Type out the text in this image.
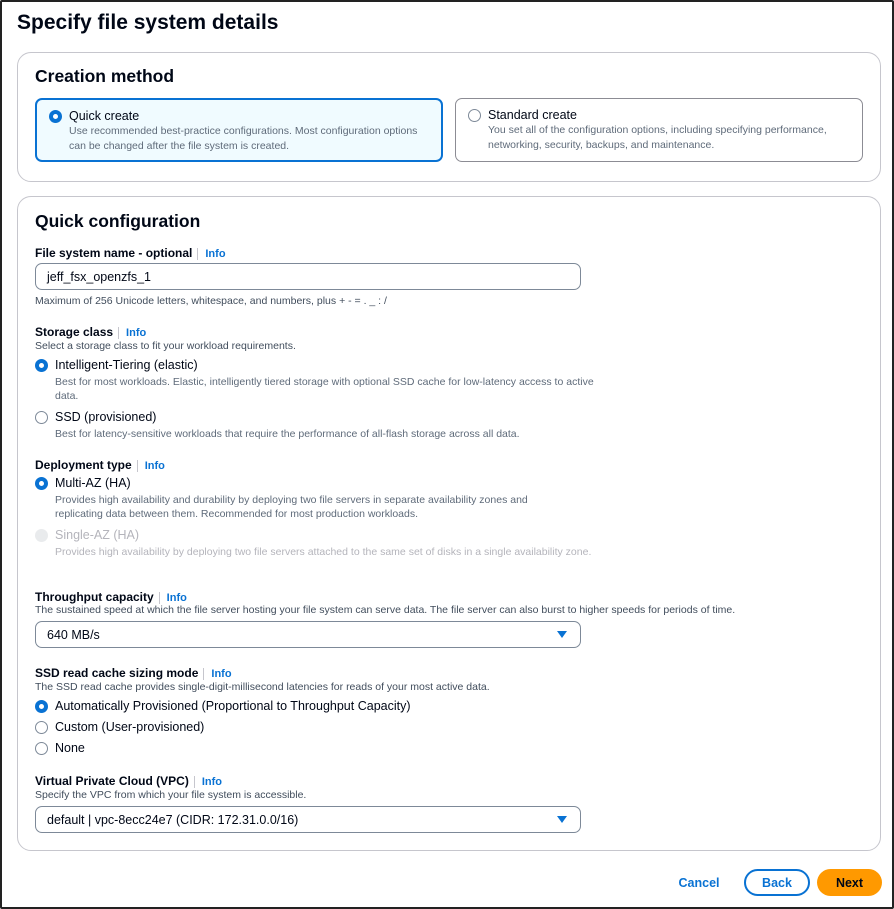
Specify file system details
Creation method
Quick create
Use recommended best-practice configurations. Most configuration options
can be changed after the file system is created.
Standard create
You set all of the configuration options, including specifying performance,
networking, security, backups, and maintenance.
Quick configuration
File system name - optional Info
jeff_fsx_openzfs_1
Maximum of 256 Unicode letters, whitespace, and numbers, plus + - = . _ : /
Storage class Info
Select a storage class to fit your workload requirements.
Intelligent-Tiering (elastic)
Best for most workloads. Elastic, intelligently tiered storage with optional SSD cache for low-latency access to active data.
SSD (provisioned)
Best for latency-sensitive workloads that require the performance of all-flash storage across all data.
Deployment type Info
Multi-AZ (HA)
Provides high availability and durability by deploying two file servers in separate availability zones and replicating data between them. Recommended for most production workloads.
Single-AZ (HA)
Provides high availability by deploying two file servers attached to the same set of disks in a single availability zone.
Throughput capacity Info
The sustained speed at which the file server hosting your file system can serve data. The file server can also burst to higher speeds for periods of time.
640 MB/s
SSD read cache sizing mode Info
The SSD read cache provides single-digit-millisecond latencies for reads of your most active data.
Automatically Provisioned (Proportional to Throughput Capacity)
Custom (User-provisioned)
None
Virtual Private Cloud (VPC) Info
Specify the VPC from which your file system is accessible.
default | vpc-8ecc24e7 (CIDR: 172.31.0.0/16)
Cancel	Back	Next
